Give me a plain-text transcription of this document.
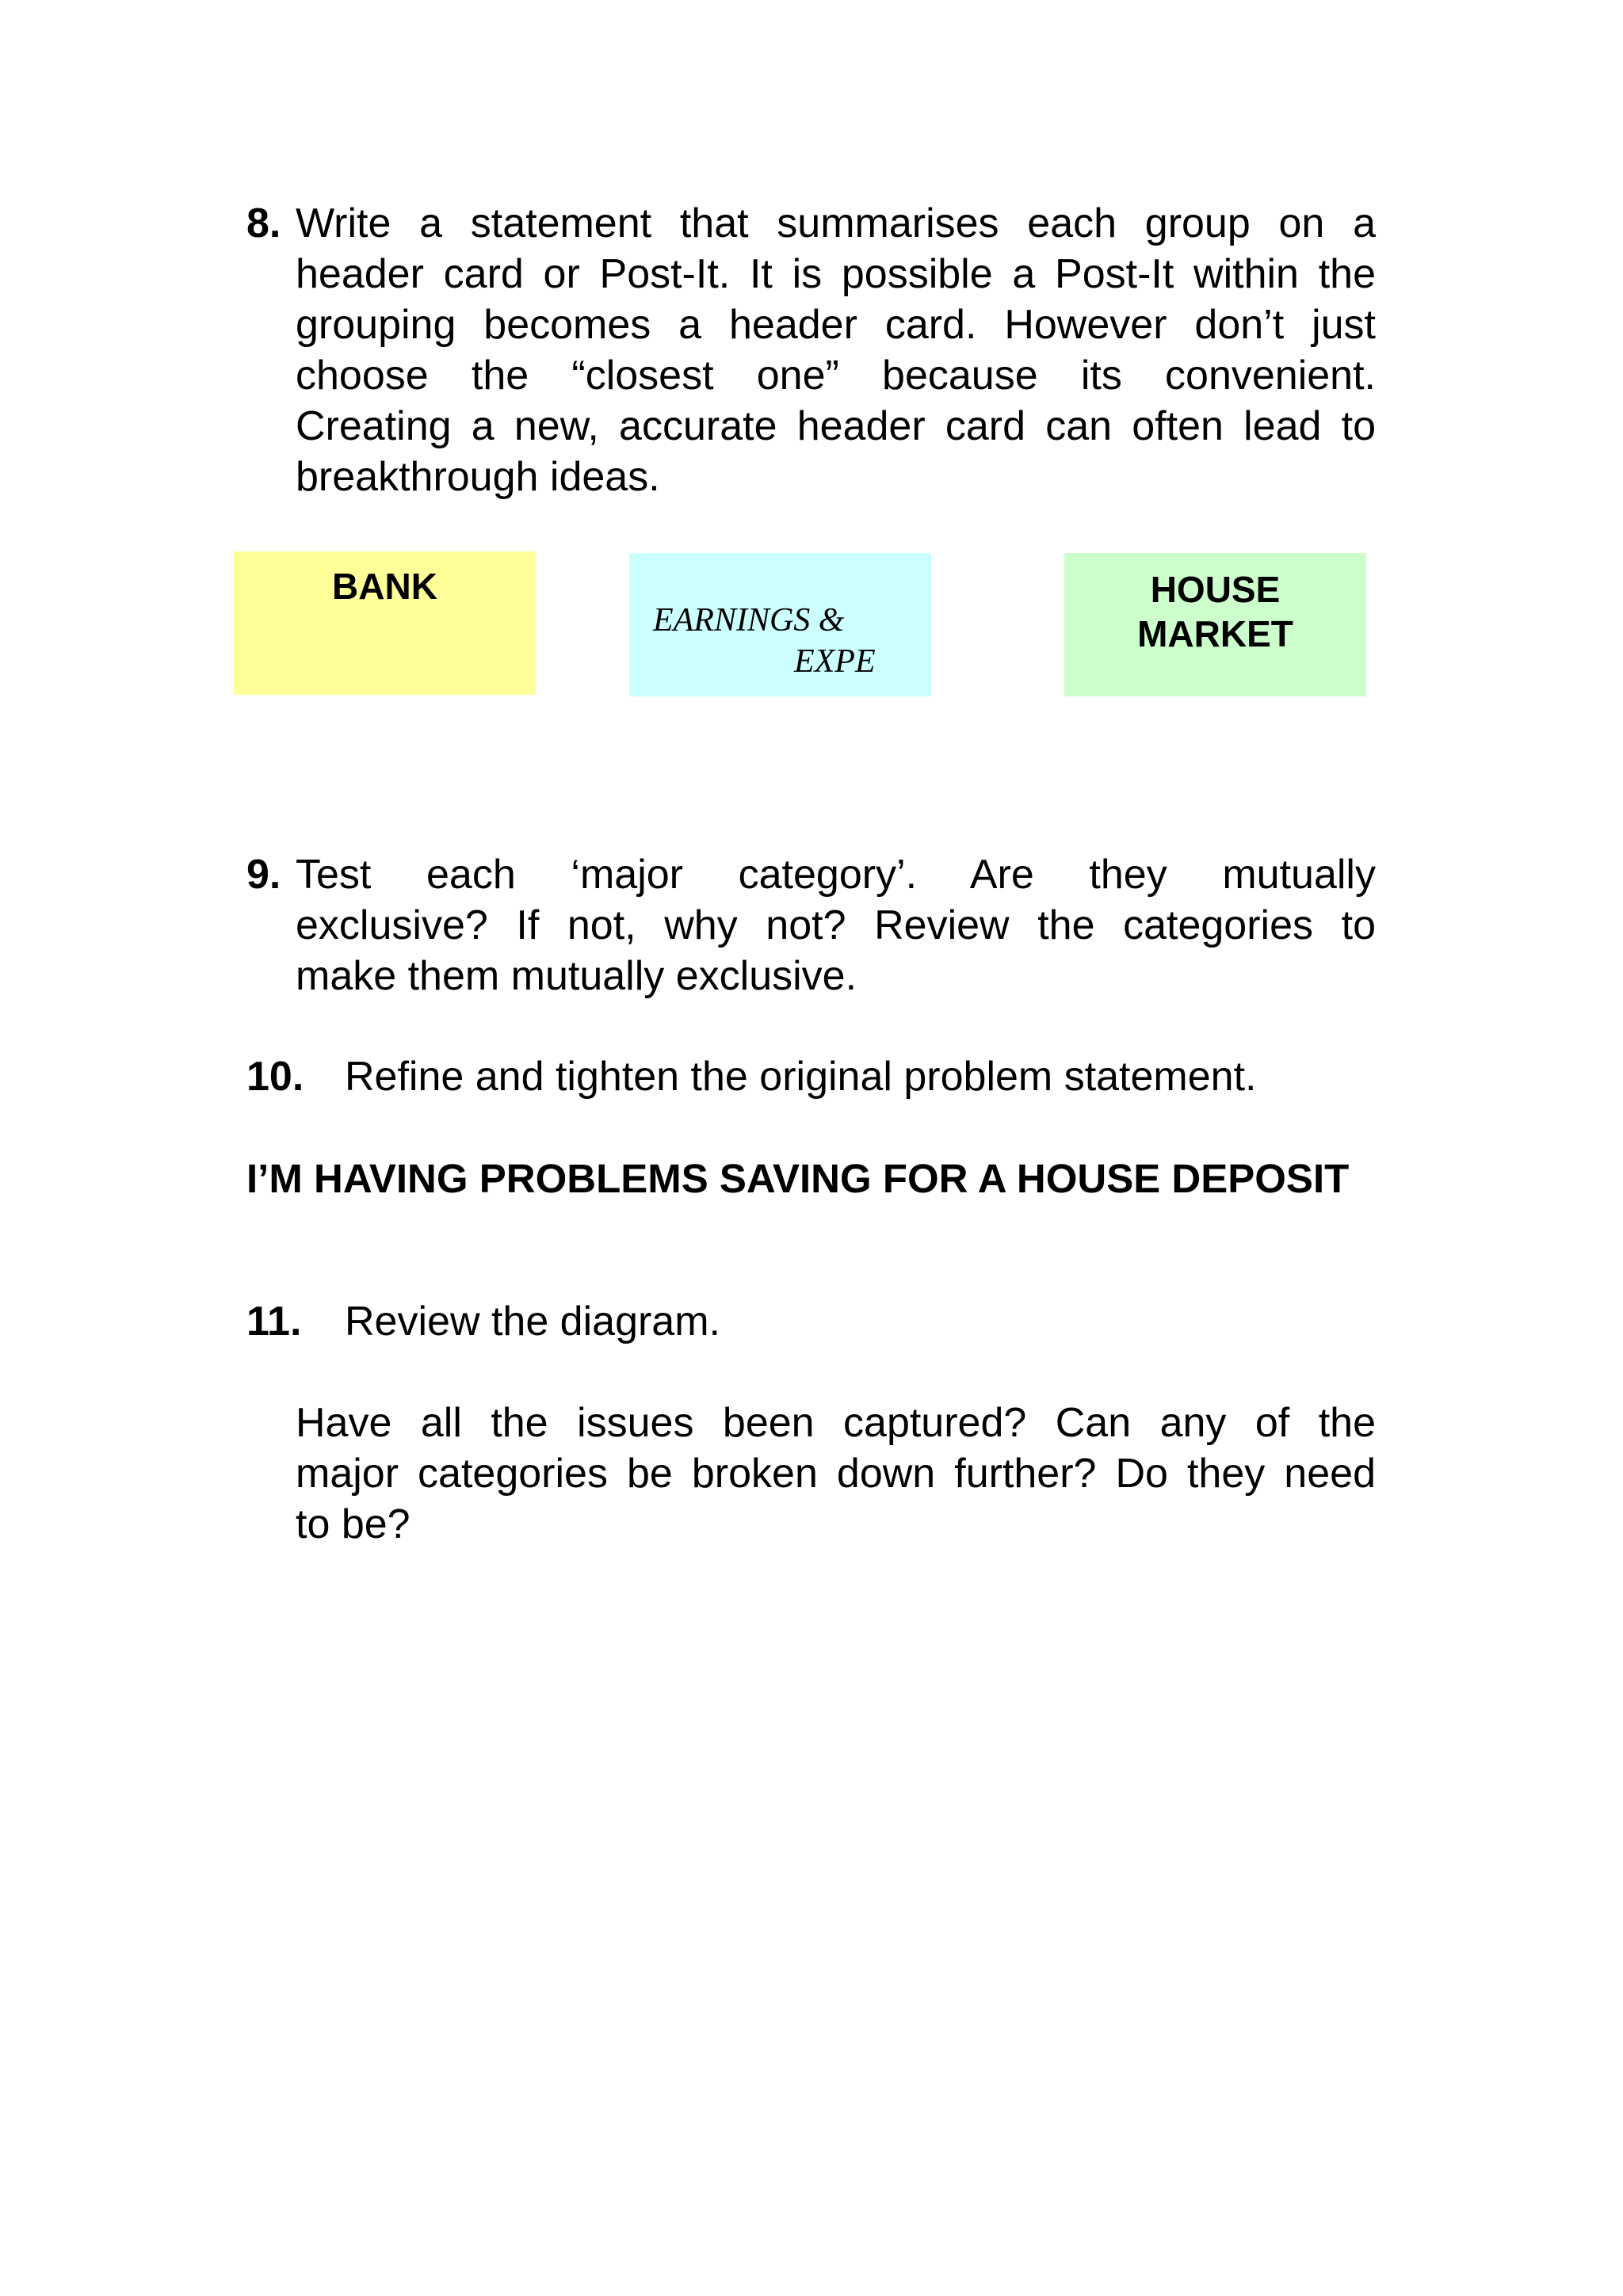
8. Write a statement that summarises each group on a
header card or Post-It. It is possible a Post-It within the
grouping becomes a header card. However don’t just
choose the “closest one” because its convenient.
Creating a new, accurate header card can often lead to
breakthrough ideas.
BANK
EARNINGS &
EXPE
HOUSE
MARKET
9. Test each ‘major category’. Are they mutually
exclusive? If not, why not? Review the categories to
make them mutually exclusive.
10. Refine and tighten the original problem statement.
I’M HAVING PROBLEMS SAVING FOR A HOUSE DEPOSIT
11. Review the diagram.
Have all the issues been captured? Can any of the
major categories be broken down further? Do they need
to be?
